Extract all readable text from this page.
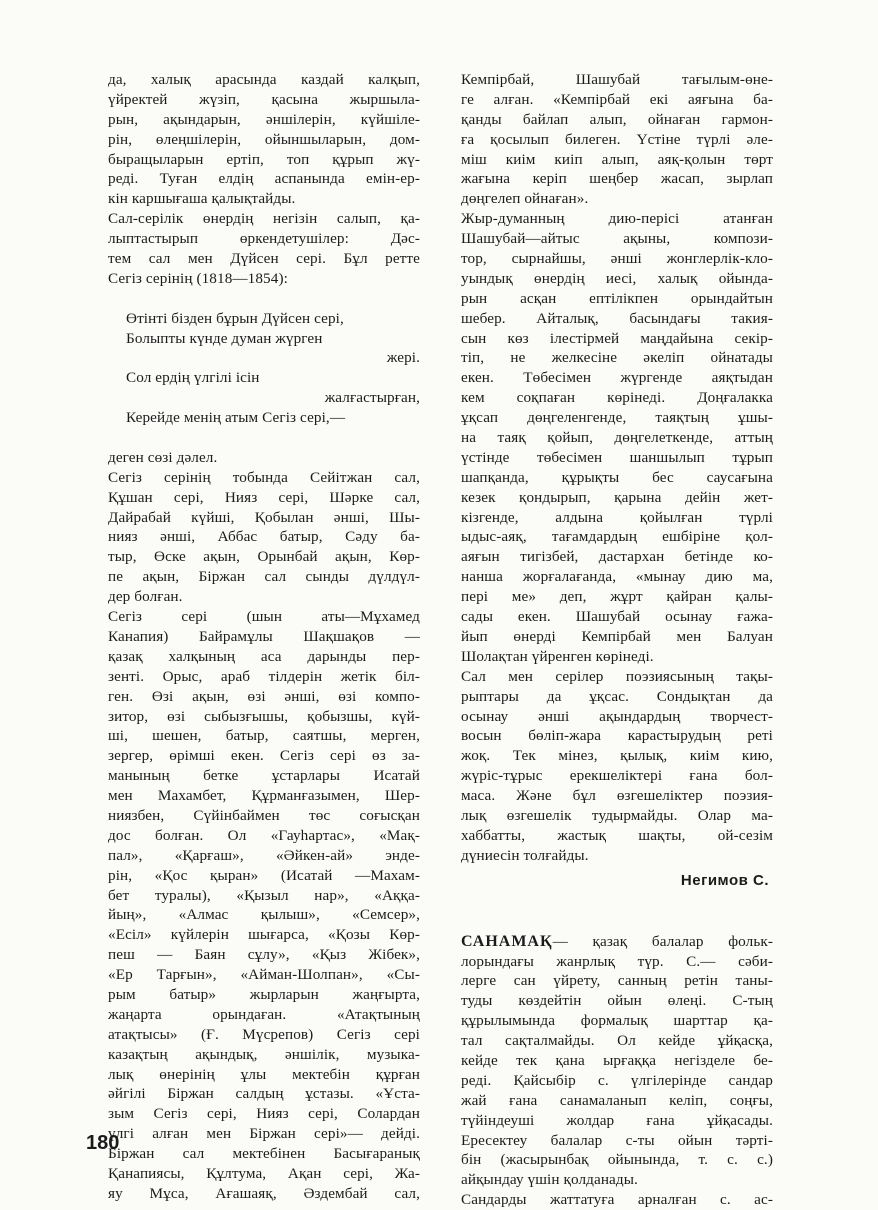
да, халық арасында каздай калқып,
үйректей жүзіп, қасына жыршыла-
рын, ақындарын, әншілерін, күйшіле-
рін, өлеңшілерін, ойыншыларын, дом-
быращыларын ертіп, топ құрып жү-
реді. Туған елдің аспанында емін-ер-
кін каршығаша қалықтайды.
Сал-серілік өнердің негізін салып, қа-
лыптастырып өркендетушілер: Дәс-
тем сал мен Дүйсен серi. Бұл ретте
Сегіз серінің (1818—1854):
Өтінті бізден бұрын Дүйсен сері,
Болыпты күнде думан жүрген
жері.
Сол ердің үлгілі ісін
жалғастырған,
Керейде менің атым Сегіз сері,—
деген сөзі дәлел.
Сегіз серінің тобында Сейітжан сал,
Құшан сері, Нияз сері, Шәрке сал,
Дайрабай күйші, Қобылан әнші, Шы-
нияз әнші, Аббас батыр, Сәду ба-
тыр, Өске ақын, Орынбай ақын, Көр-
пе ақын, Біржан сал сынды дүлдүл-
дер болған.
Сегіз сері (шын аты—Мұхамед
Канапия) Байрамұлы Шақшақов —
қазақ халқының аса дарынды пер-
зенті. Орыс, араб тілдерін жетік біл-
ген. Өзі ақын, өзі әнші, өзі компо-
зитор, өзі сыбызғышы, қобызшы, күй-
ші, шешен, батыр, саятшы, мерген,
зергер, өрімші екен. Сегіз сері өз за-
манының бетке ұстарлары Исатай
мен Махамбет, Құрманғазымен, Шер-
ниязбен, Сүйінбаймен төс соғысқан
дос болған. Ол «Гауһартас», «Мақ-
пал», «Қарғаш», «Әйкен-ай» энде-
рін, «Қос қыран» (Исатай —Махам-
бет туралы), «Қызыл нар», «Аққа-
йың», «Алмас қылыш», «Семсер»,
«Есіл» күйлерін шығарса, «Қозы Көр-
пеш — Баян сұлу», «Қыз Жібек»,
«Ер Тарғын», «Айман-Шолпан», «Сы-
рым батыр» жырларын жаңғырта,
жаңарта орындаған. «Атақтының
атақтысы» (Ғ. Мүсрепов) Сегіз сері
казақтың ақындық, әншілік, музыка-
лық өнерінің ұлы мектебін құрған
әйгілі Біржан салдың ұстазы. «Ұста-
зым Сегіз сері, Нияз сері, Солардан
үлгі алған мен Біржан сері»— дейді.
Біржан сал мектебінен Басығаранық
Қанапиясы, Құлтума, Ақан сері, Жа-
яу Мұса, Ағашаяқ, Әздембай сал,
Кемпірбай, Шашубай тағылым-өне-
ге алған. «Кемпірбай екі аяғына ба-
қанды байлап алып, ойнаған гармон-
ға қосылып билеген. Үстіне түрлі әле-
міш киім киіп алып, аяқ-қолын төрт
жағына керіп шеңбер жасап, зырлап
дөңгелеп ойнаған».
Жыр-думанның дию-перісі атанған
Шашубай—айтыс ақыны, компози-
тор, сырнайшы, әнші жонглерлік-кло-
уындық өнердің иесі, халық ойында-
рын асқан ептілікпен орындайтын
шебер. Айталық, басындағы такия-
сын көз ілестірмей маңдайына секір-
тіп, не желкесіне әкеліп ойнатады
екен. Төбесімен жүргенде аяқтыдан
кем соқпаған көрінеді. Доңғалакка
ұқсап дөңгеленгенде, таяқтың ұшы-
на таяқ қойып, дөңгелеткенде, аттың
үстінде төбесімен шаншылып тұрып
шапқанда, құрықты бес саусағына
кезек қондырып, қарына дейін жет-
кізгенде, алдына қойылған түрлі
ыдыс-аяқ, тағамдардың ешбіріне қол-
аяғын тигізбей, дастархан бетінде ко-
нанша жорғалағанда, «мынау дию ма,
пері ме» деп, жұрт қайран қалы-
сады екен. Шашубай осынау ғажа-
йып өнерді Кемпірбай мен Балуан
Шолақтан үйренген көрінеді.
Сал мен серілер поэзиясының тақы-
рыптары да ұқсас. Сондықтан да
осынау әнші ақындардың творчест-
восын бөліп-жара карастырудың реті
жоқ. Тек мінез, қылық, киім кию,
жүріс-тұрыс ерекшеліктері ғана бол-
маса. Және бұл өзгешеліктер поэзия-
лық өзгешелік тудырмайды. Олар ма-
хаббатты, жастық шақты, ой-сезім
дүниесін толғайды.
Негимов С.
САНАМАҚ— қазақ балалар фольк-
лорындағы жанрлық түр. С.— сәби-
лерге сан үйрету, санның ретін таны-
туды көздейтін ойын өлеңі. С-тың
құрылымында формалық шарттар қа-
тал сақталмайды. Ол кейде ұйқасқа,
кейде тек қана ырғаққа негізделе бе-
реді. Қайсыбір с. үлгілерінде сандар
жай ғана санамаланып келіп, соңғы,
түйіндеуші жолдар ғана ұйқасады.
Ересектеу балалар с-ты ойын тәрті-
бін (жасырынбақ ойынында, т. с. с.)
айқындау үшін қолданады.
Сандарды жаттатуға арналған с. ас-
180
